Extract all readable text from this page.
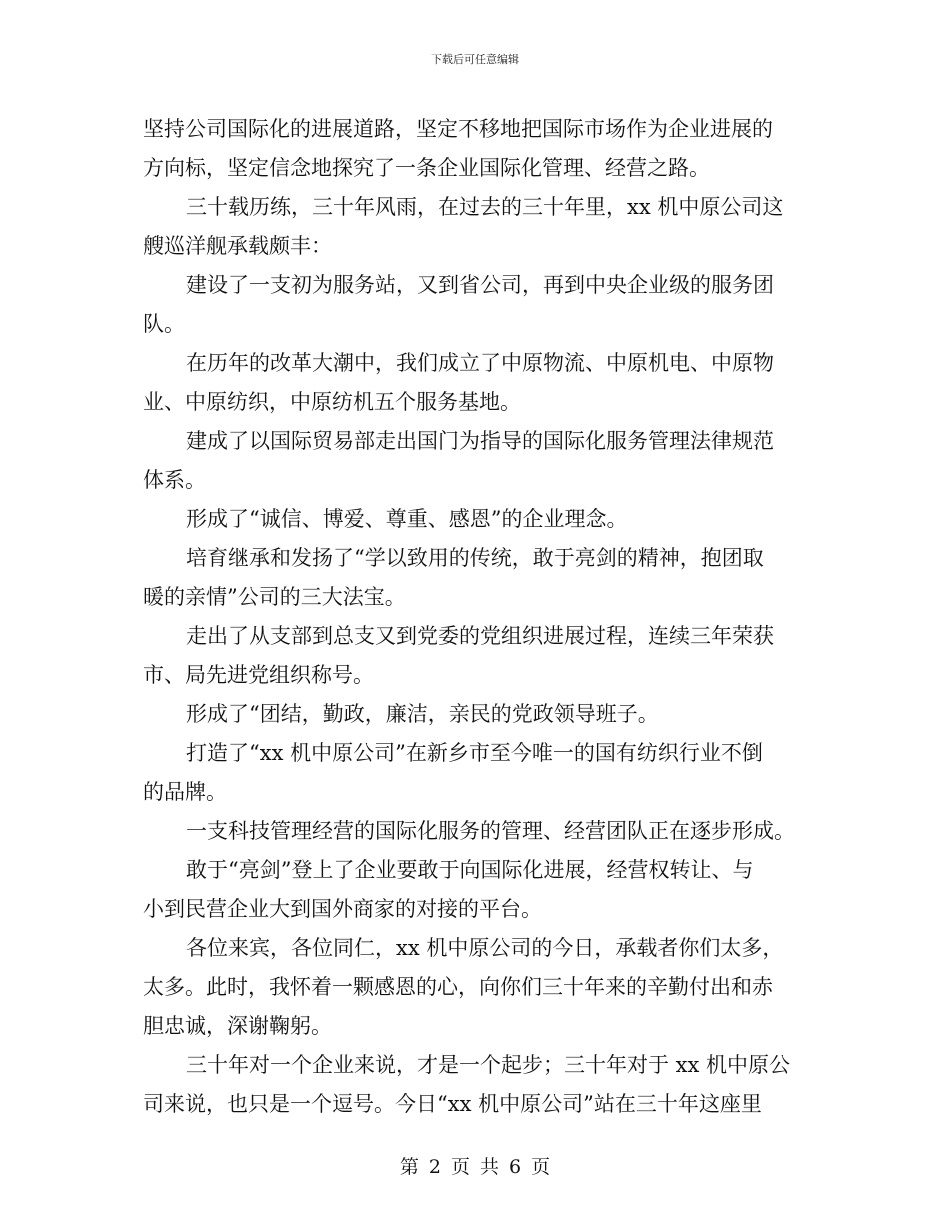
下载后可任意编辑
坚持公司国际化的进展道路，坚定不移地把国际市场作为企业进展的
方向标，坚定信念地探究了一条企业国际化管理、经营之路。
三十载历练，三十年风雨，在过去的三十年里，xx 机中原公司这
艘巡洋舰承载颇丰：
建设了一支初为服务站，又到省公司，再到中央企业级的服务团
队。
在历年的改革大潮中，我们成立了中原物流、中原机电、中原物
业、中原纺织，中原纺机五个服务基地。
建成了以国际贸易部走出国门为指导的国际化服务管理法律规范
体系。
形成了“诚信、博爱、尊重、感恩”的企业理念。
培育继承和发扬了“学以致用的传统，敢于亮剑的精神，抱团取
暖的亲情”公司的三大法宝。
走出了从支部到总支又到党委的党组织进展过程，连续三年荣获
市、局先进党组织称号。
形成了“团结，勤政，廉洁，亲民的党政领导班子。
打造了“xx 机中原公司”在新乡市至今唯一的国有纺织行业不倒
的品牌。
一支科技管理经营的国际化服务的管理、经营团队正在逐步形成。
敢于“亮剑”登上了企业要敢于向国际化进展，经营权转让、与
小到民营企业大到国外商家的对接的平台。
各位来宾，各位同仁，xx 机中原公司的今日，承载者你们太多，
太多。此时，我怀着一颗感恩的心，向你们三十年来的辛勤付出和赤
胆忠诚，深谢鞠躬。
三十年对一个企业来说，才是一个起步；三十年对于 xx 机中原公
司来说，也只是一个逗号。今日“xx 机中原公司”站在三十年这座里
第 2 页 共 6 页
